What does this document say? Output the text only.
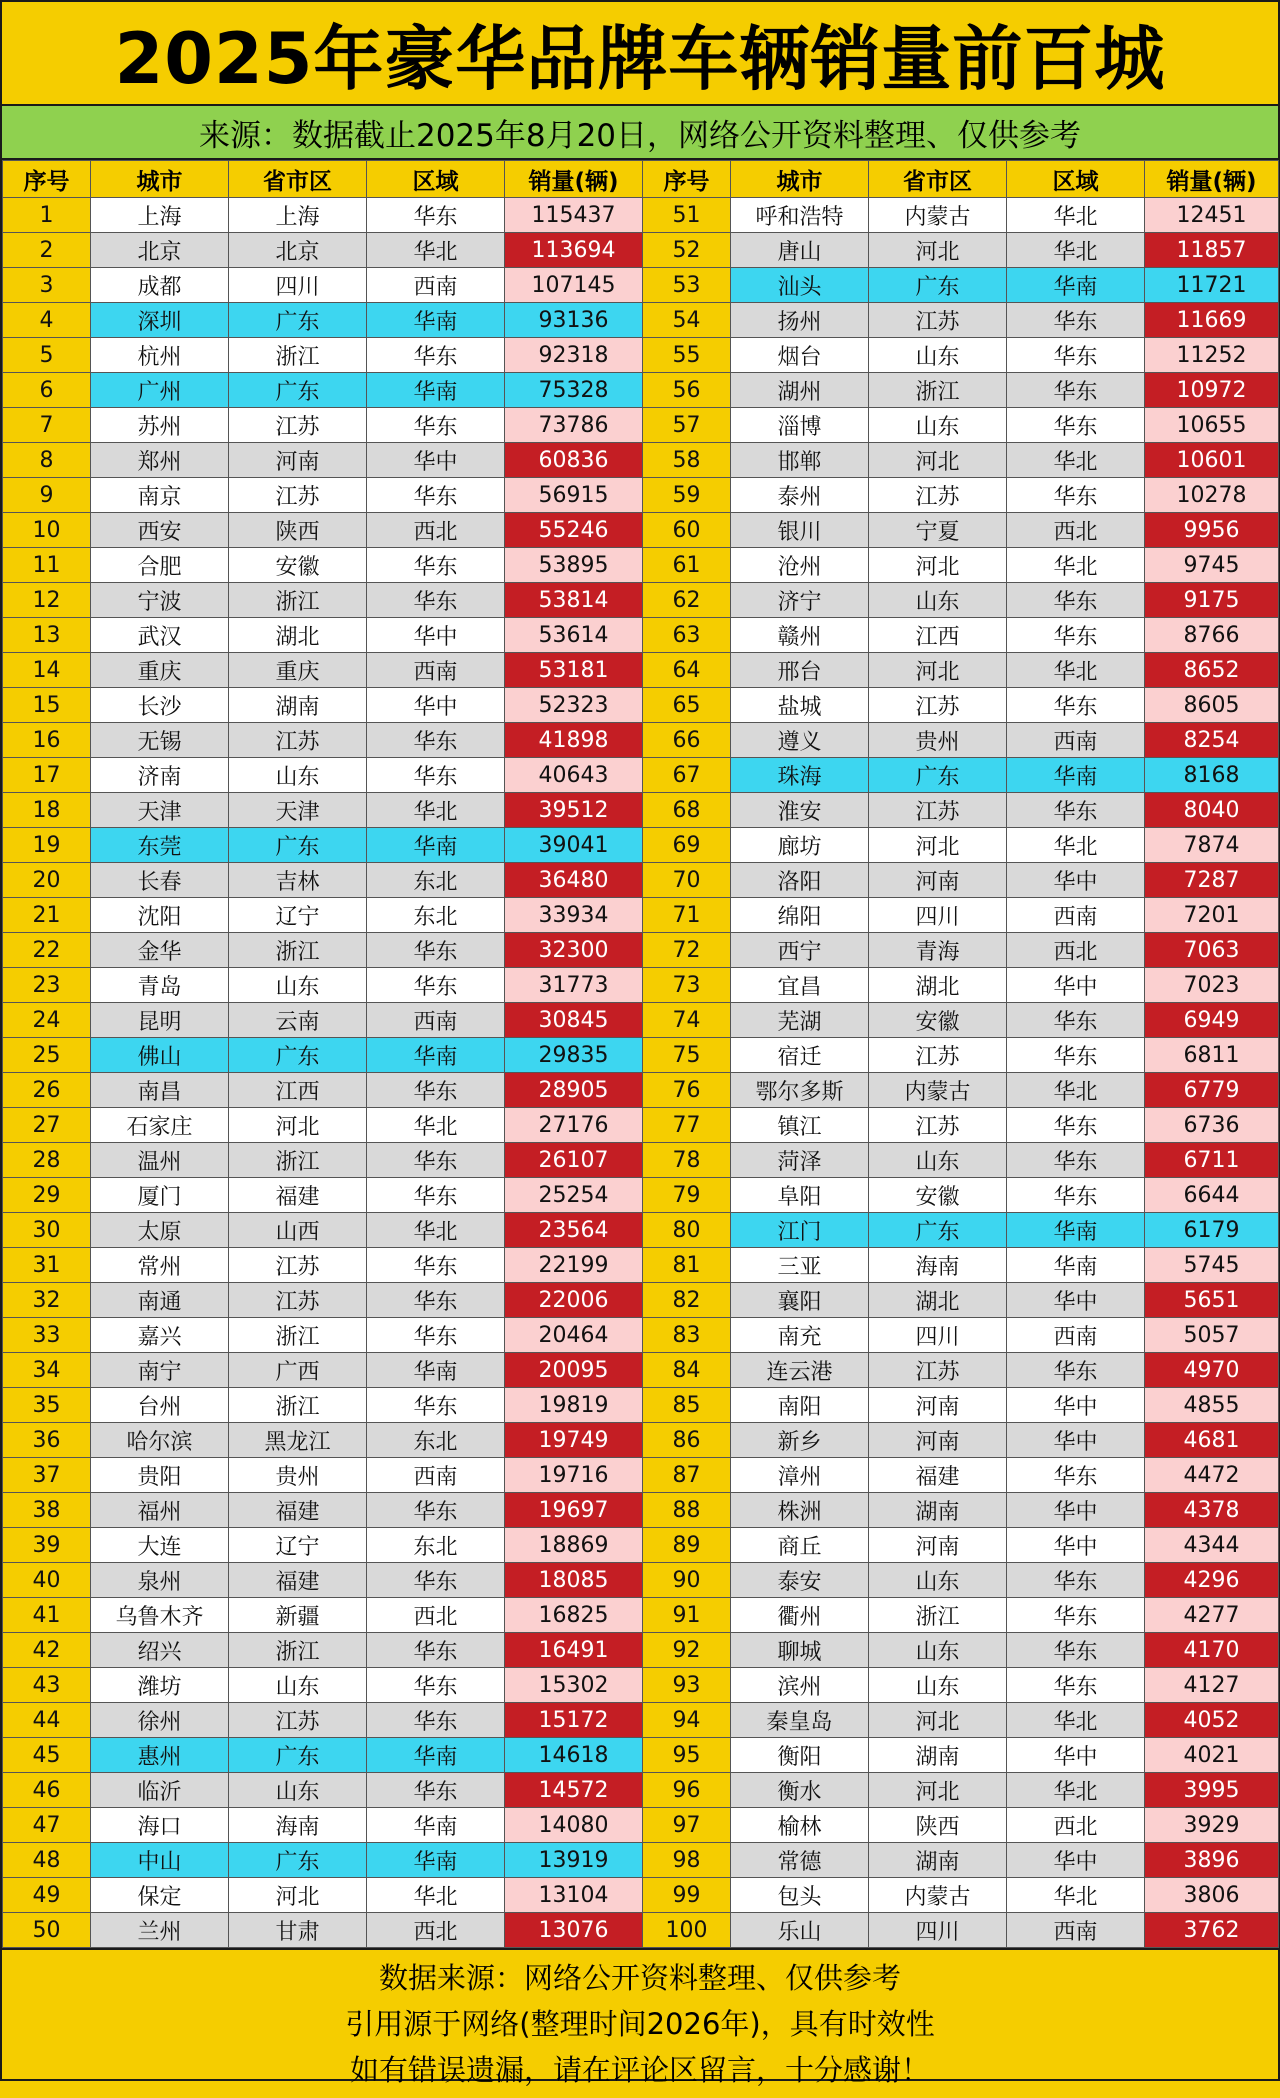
2025年豪华品牌车辆销量前百城
来源：数据截止2025年8月20日，网络公开资料整理、仅供参考
序号	城市	省市区	区域	销量(辆)	序号	城市	省市区	区域	销量(辆)
1	上海	上海	华东	115437	51	呼和浩特	内蒙古	华北	12451
2	北京	北京	华北	113694	52	唐山	河北	华北	11857
3	成都	四川	西南	107145	53	汕头	广东	华南	11721
4	深圳	广东	华南	93136	54	扬州	江苏	华东	11669
5	杭州	浙江	华东	92318	55	烟台	山东	华东	11252
6	广州	广东	华南	75328	56	湖州	浙江	华东	10972
7	苏州	江苏	华东	73786	57	淄博	山东	华东	10655
8	郑州	河南	华中	60836	58	邯郸	河北	华北	10601
9	南京	江苏	华东	56915	59	泰州	江苏	华东	10278
10	西安	陕西	西北	55246	60	银川	宁夏	西北	9956
11	合肥	安徽	华东	53895	61	沧州	河北	华北	9745
12	宁波	浙江	华东	53814	62	济宁	山东	华东	9175
13	武汉	湖北	华中	53614	63	赣州	江西	华东	8766
14	重庆	重庆	西南	53181	64	邢台	河北	华北	8652
15	长沙	湖南	华中	52323	65	盐城	江苏	华东	8605
16	无锡	江苏	华东	41898	66	遵义	贵州	西南	8254
17	济南	山东	华东	40643	67	珠海	广东	华南	8168
18	天津	天津	华北	39512	68	淮安	江苏	华东	8040
19	东莞	广东	华南	39041	69	廊坊	河北	华北	7874
20	长春	吉林	东北	36480	70	洛阳	河南	华中	7287
21	沈阳	辽宁	东北	33934	71	绵阳	四川	西南	7201
22	金华	浙江	华东	32300	72	西宁	青海	西北	7063
23	青岛	山东	华东	31773	73	宜昌	湖北	华中	7023
24	昆明	云南	西南	30845	74	芜湖	安徽	华东	6949
25	佛山	广东	华南	29835	75	宿迁	江苏	华东	6811
26	南昌	江西	华东	28905	76	鄂尔多斯	内蒙古	华北	6779
27	石家庄	河北	华北	27176	77	镇江	江苏	华东	6736
28	温州	浙江	华东	26107	78	菏泽	山东	华东	6711
29	厦门	福建	华东	25254	79	阜阳	安徽	华东	6644
30	太原	山西	华北	23564	80	江门	广东	华南	6179
31	常州	江苏	华东	22199	81	三亚	海南	华南	5745
32	南通	江苏	华东	22006	82	襄阳	湖北	华中	5651
33	嘉兴	浙江	华东	20464	83	南充	四川	西南	5057
34	南宁	广西	华南	20095	84	连云港	江苏	华东	4970
35	台州	浙江	华东	19819	85	南阳	河南	华中	4855
36	哈尔滨	黑龙江	东北	19749	86	新乡	河南	华中	4681
37	贵阳	贵州	西南	19716	87	漳州	福建	华东	4472
38	福州	福建	华东	19697	88	株洲	湖南	华中	4378
39	大连	辽宁	东北	18869	89	商丘	河南	华中	4344
40	泉州	福建	华东	18085	90	泰安	山东	华东	4296
41	乌鲁木齐	新疆	西北	16825	91	衢州	浙江	华东	4277
42	绍兴	浙江	华东	16491	92	聊城	山东	华东	4170
43	潍坊	山东	华东	15302	93	滨州	山东	华东	4127
44	徐州	江苏	华东	15172	94	秦皇岛	河北	华北	4052
45	惠州	广东	华南	14618	95	衡阳	湖南	华中	4021
46	临沂	山东	华东	14572	96	衡水	河北	华北	3995
47	海口	海南	华南	14080	97	榆林	陕西	西北	3929
48	中山	广东	华南	13919	98	常德	湖南	华中	3896
49	保定	河北	华北	13104	99	包头	内蒙古	华北	3806
50	兰州	甘肃	西北	13076	100	乐山	四川	西南	3762
数据来源：网络公开资料整理、仅供参考
引用源于网络(整理时间2026年)，具有时效性
如有错误遗漏，请在评论区留言，十分感谢！
